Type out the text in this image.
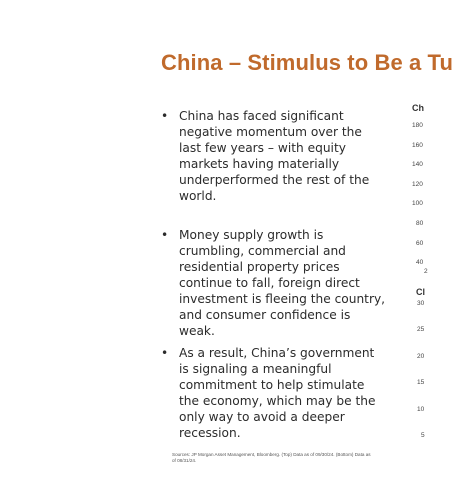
China – Stimulus to Be a Tu
• China has faced significant negative momentum over the last few years – with equity markets having materially underperformed the rest of the world.
• Money supply growth is crumbling, commercial and residential property prices continue to fall, foreign direct investment is fleeing the country, and consumer confidence is weak.
• As a result, China’s government is signaling a meaningful commitment to help stimulate the economy, which may be the only way to avoid a deeper recession.
Sources: JP Morgan Asset Management, Bloomberg. (Top) Data as of 09/30/24. (Bottom) Data as of 08/31/24.
Ch
180
160
140
120
100
80
60
40
2
Cl
30
25
20
15
10
5
